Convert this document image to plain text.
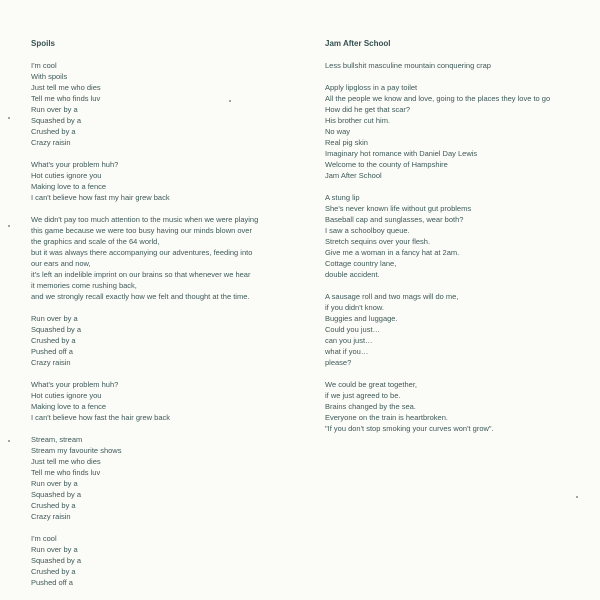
Spoils
I'm cool
With spoils
Just tell me who dies
Tell me who finds luv
Run over by a
Squashed by a
Crushed by a
Crazy raisin
What's your problem huh?
Hot cuties ignore you
Making love to a fence
I can't believe how fast my hair grew back
We didn't pay too much attention to the music when we were playing
this game because we were too busy having our minds blown over
the graphics and scale of the 64 world,
but it was always there accompanying our adventures, feeding into
our ears and now,
it's left an indelible imprint on our brains so that whenever we hear
it memories come rushing back,
and we strongly recall exactly how we felt and thought at the time.
Run over by a
Squashed by a
Crushed by a
Pushed off a
Crazy raisin
What's your problem huh?
Hot cuties ignore you
Making love to a fence
I can't believe how fast the hair grew back
Stream, stream
Stream my favourite shows
Just tell me who dies
Tell me who finds luv
Run over by a
Squashed by a
Crushed by a
Crazy raisin
I'm cool
Run over by a
Squashed by a
Crushed by a
Pushed off a
Jam After School
Less bullshit masculine mountain conquering crap
Apply lipgloss in a pay toilet
All the people we know and love, going to the places they love to go
How did he get that scar?
His brother cut him.
No way
Real pig skin
Imaginary hot romance with Daniel Day Lewis
Welcome to the county of Hampshire
Jam After School
A stung lip
She's never known life without gut problems
Baseball cap and sunglasses, wear both?
I saw a schoolboy queue.
Stretch sequins over your flesh.
Give me a woman in a fancy hat at 2am.
Cottage country lane,
double accident.
A sausage roll and two mags will do me,
if you didn't know.
Buggies and luggage.
Could you just…
can you just…
what if you…
please?
We could be great together,
if we just agreed to be.
Brains changed by the sea.
Everyone on the train is heartbroken.
"If you don't stop smoking your curves won't grow".
